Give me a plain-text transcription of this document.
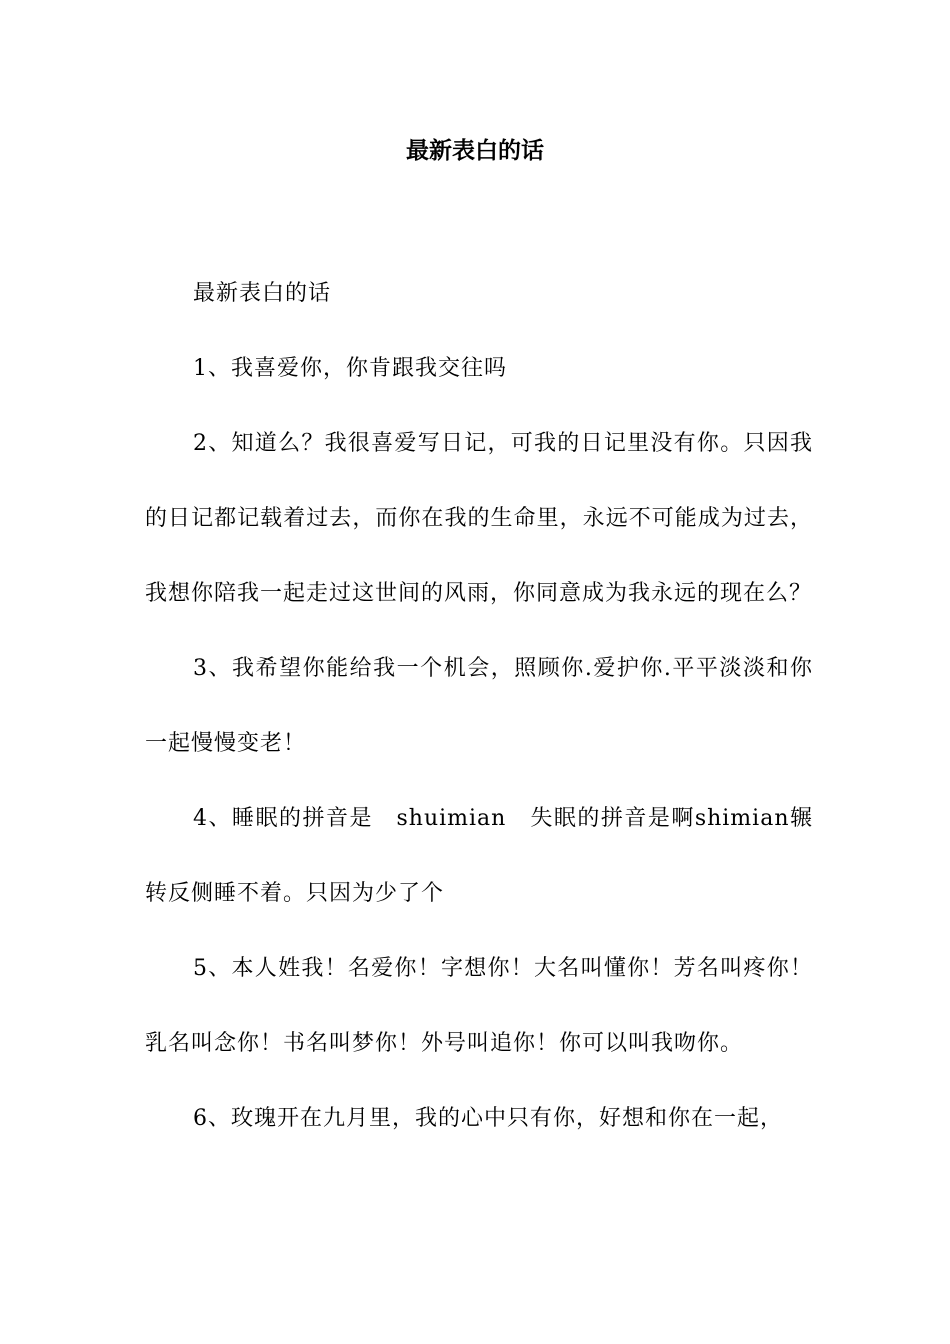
最新表白的话

最新表白的话

1、我喜爱你，你肯跟我交往吗

2、知道么？我很喜爱写日记，可我的日记里没有你。只因我的日记都记载着过去，而你在我的生命里，永远不可能成为过去，我想你陪我一起走过这世间的风雨，你同意成为我永远的现在么？

3、我希望你能给我一个机会，照顾你.爱护你.平平淡淡和你一起慢慢变老！

4、睡眠的拼音是　shuimian　失眠的拼音是啊shimian辗转反侧睡不着。只因为少了个

5、本人姓我！名爱你！字想你！大名叫懂你！芳名叫疼你！乳名叫念你！书名叫梦你！外号叫追你！你可以叫我吻你。

6、玫瑰开在九月里，我的心中只有你，好想和你在一起，
